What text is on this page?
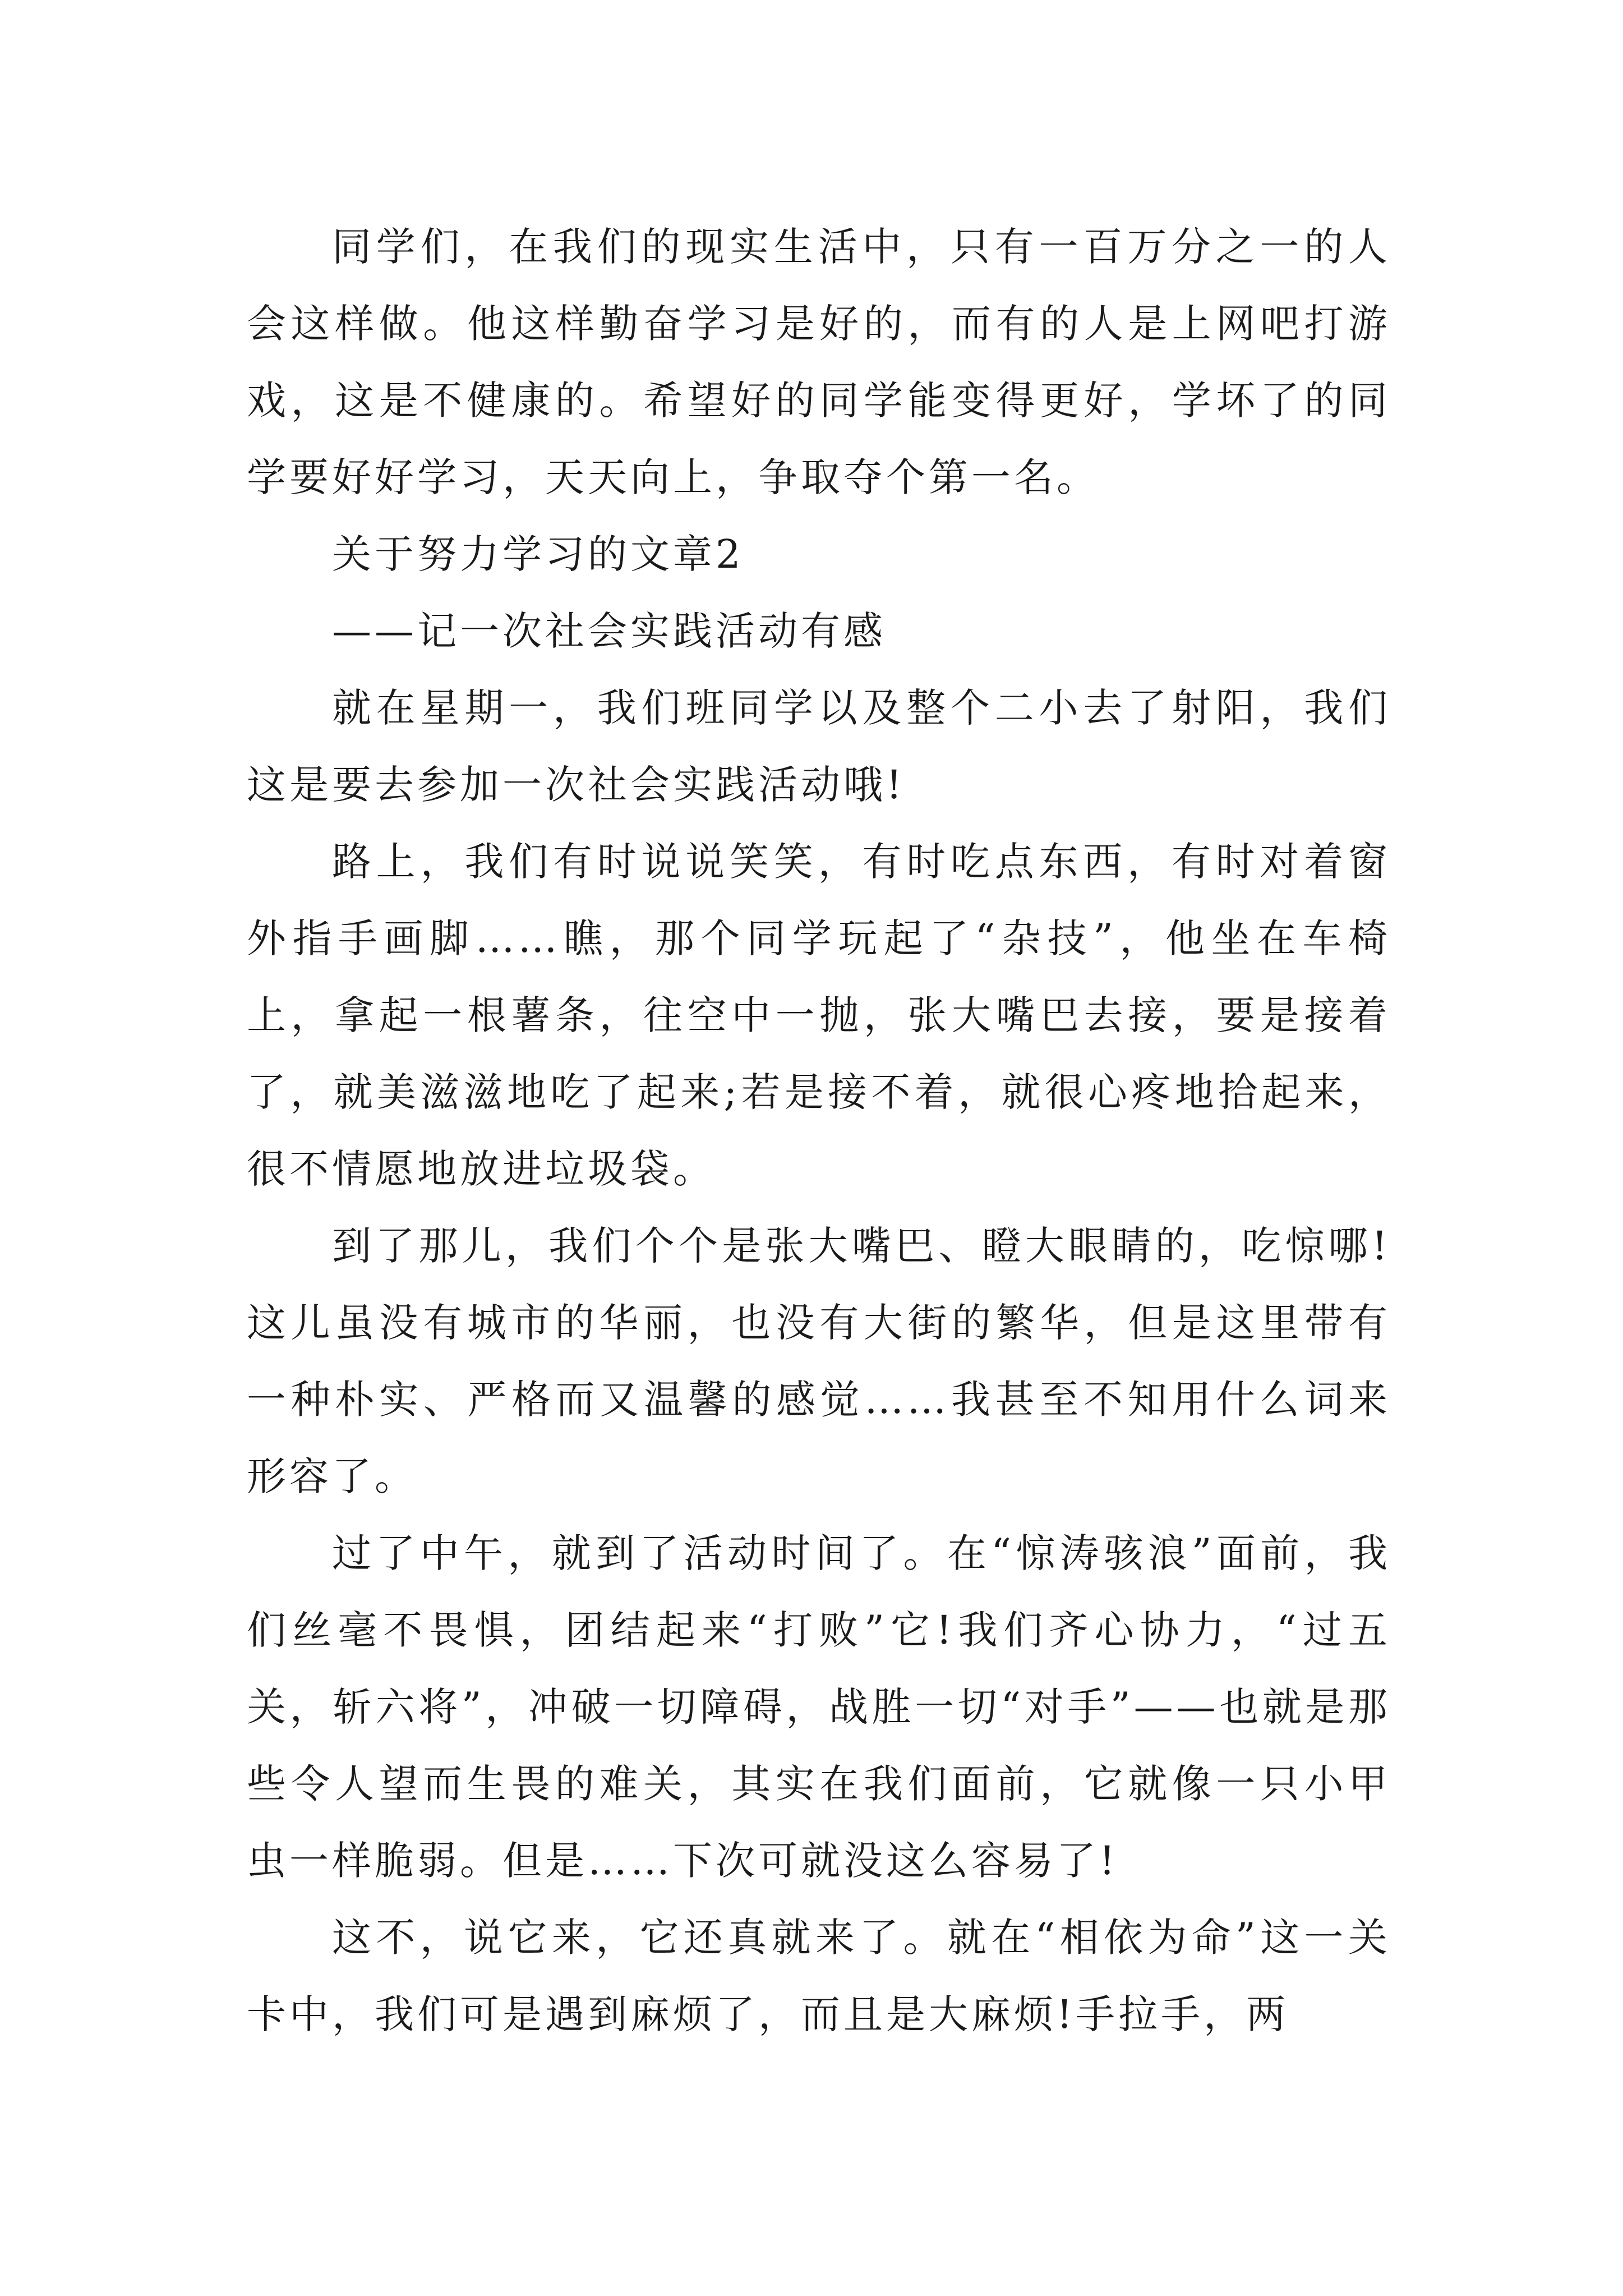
同学们，在我们的现实生活中，只有一百万分之一的人会这样做。他这样勤奋学习是好的，而有的人是上网吧打游戏，这是不健康的。希望好的同学能变得更好，学坏了的同学要好好学习，天天向上，争取夺个第一名。

关于努力学习的文章2

——记一次社会实践活动有感

就在星期一，我们班同学以及整个二小去了射阳，我们这是要去参加一次社会实践活动哦!

路上，我们有时说说笑笑，有时吃点东西，有时对着窗外指手画脚……瞧，那个同学玩起了“杂技”，他坐在车椅上，拿起一根薯条，往空中一抛，张大嘴巴去接，要是接着了，就美滋滋地吃了起来;若是接不着，就很心疼地拾起来，很不情愿地放进垃圾袋。

到了那儿，我们个个是张大嘴巴、瞪大眼睛的，吃惊哪!这儿虽没有城市的华丽，也没有大街的繁华，但是这里带有一种朴实、严格而又温馨的感觉……我甚至不知用什么词来形容了。

过了中午，就到了活动时间了。在“惊涛骇浪”面前，我们丝毫不畏惧，团结起来“打败”它!我们齐心协力，“过五关，斩六将”，冲破一切障碍，战胜一切“对手”——也就是那些令人望而生畏的难关，其实在我们面前，它就像一只小甲虫一样脆弱。但是……下次可就没这么容易了!

这不，说它来，它还真就来了。就在“相依为命”这一关卡中，我们可是遇到麻烦了，而且是大麻烦!手拉手，两
